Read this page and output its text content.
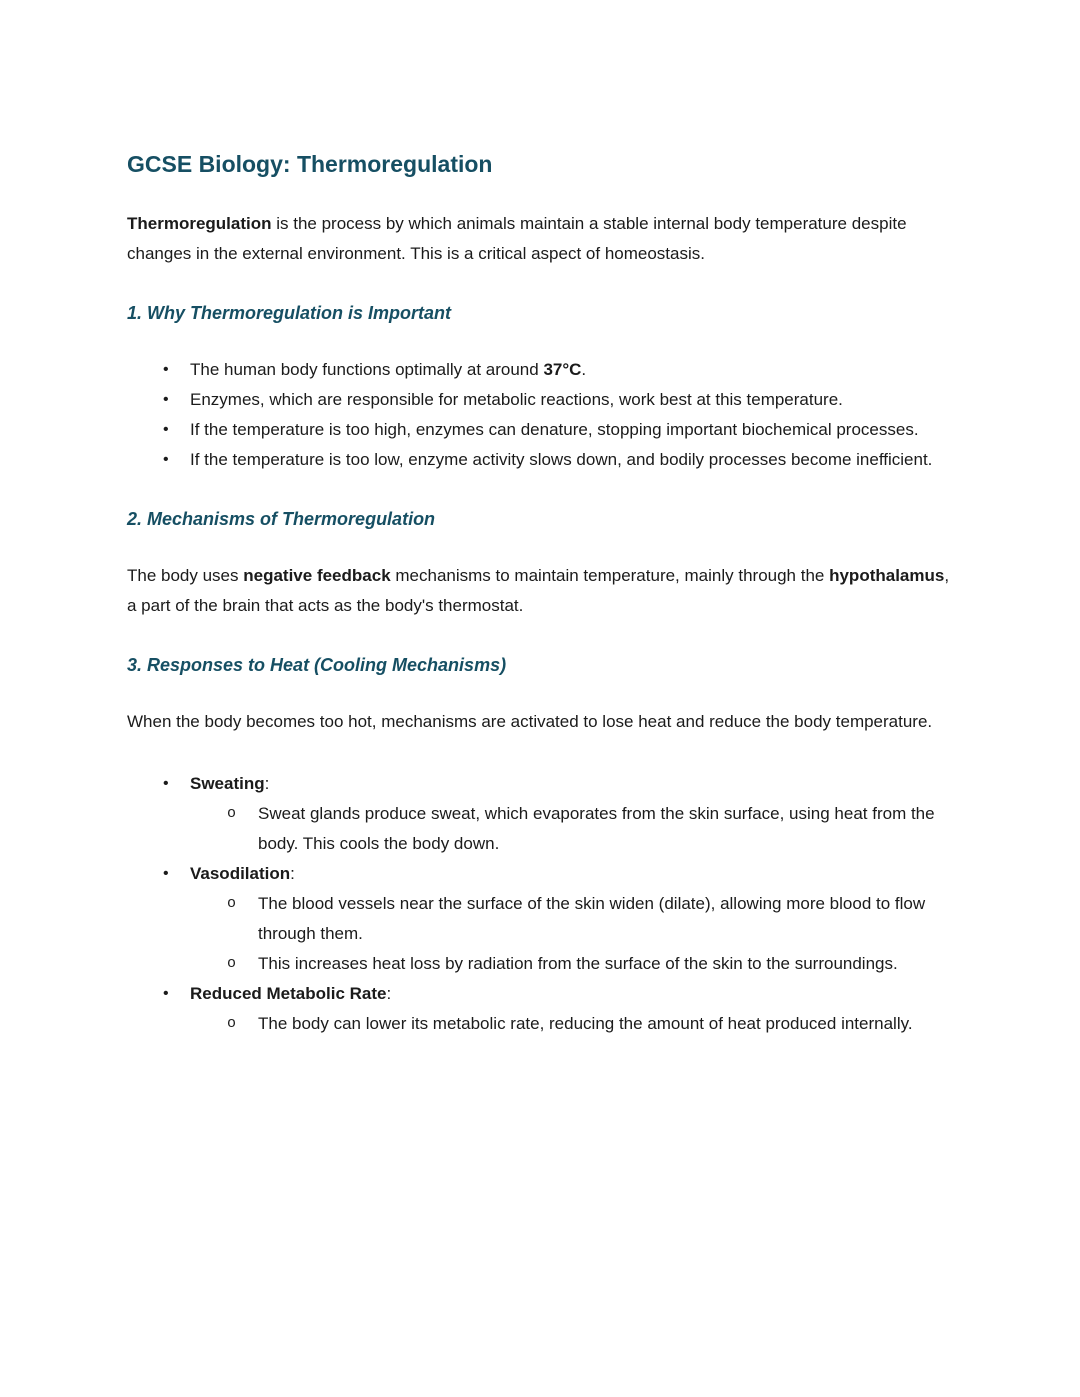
GCSE Biology: Thermoregulation

Thermoregulation is the process by which animals maintain a stable internal body temperature despite changes in the external environment. This is a critical aspect of homeostasis.

1. Why Thermoregulation is Important
•	The human body functions optimally at around 37°C.
•	Enzymes, which are responsible for metabolic reactions, work best at this temperature.
•	If the temperature is too high, enzymes can denature, stopping important biochemical processes.
•	If the temperature is too low, enzyme activity slows down, and bodily processes become inefficient.
2. Mechanisms of Thermoregulation

The body uses negative feedback mechanisms to maintain temperature, mainly through the hypothalamus, a part of the brain that acts as the body's thermostat.

3. Responses to Heat (Cooling Mechanisms)

When the body becomes too hot, mechanisms are activated to lose heat and reduce the body temperature.

•	Sweating:
o	Sweat glands produce sweat, which evaporates from the skin surface, using heat from the body. This cools the body down.
•	Vasodilation:
o	The blood vessels near the surface of the skin widen (dilate), allowing more blood to flow through them.
o	This increases heat loss by radiation from the surface of the skin to the surroundings.
•	Reduced Metabolic Rate:
o	The body can lower its metabolic rate, reducing the amount of heat produced internally.
